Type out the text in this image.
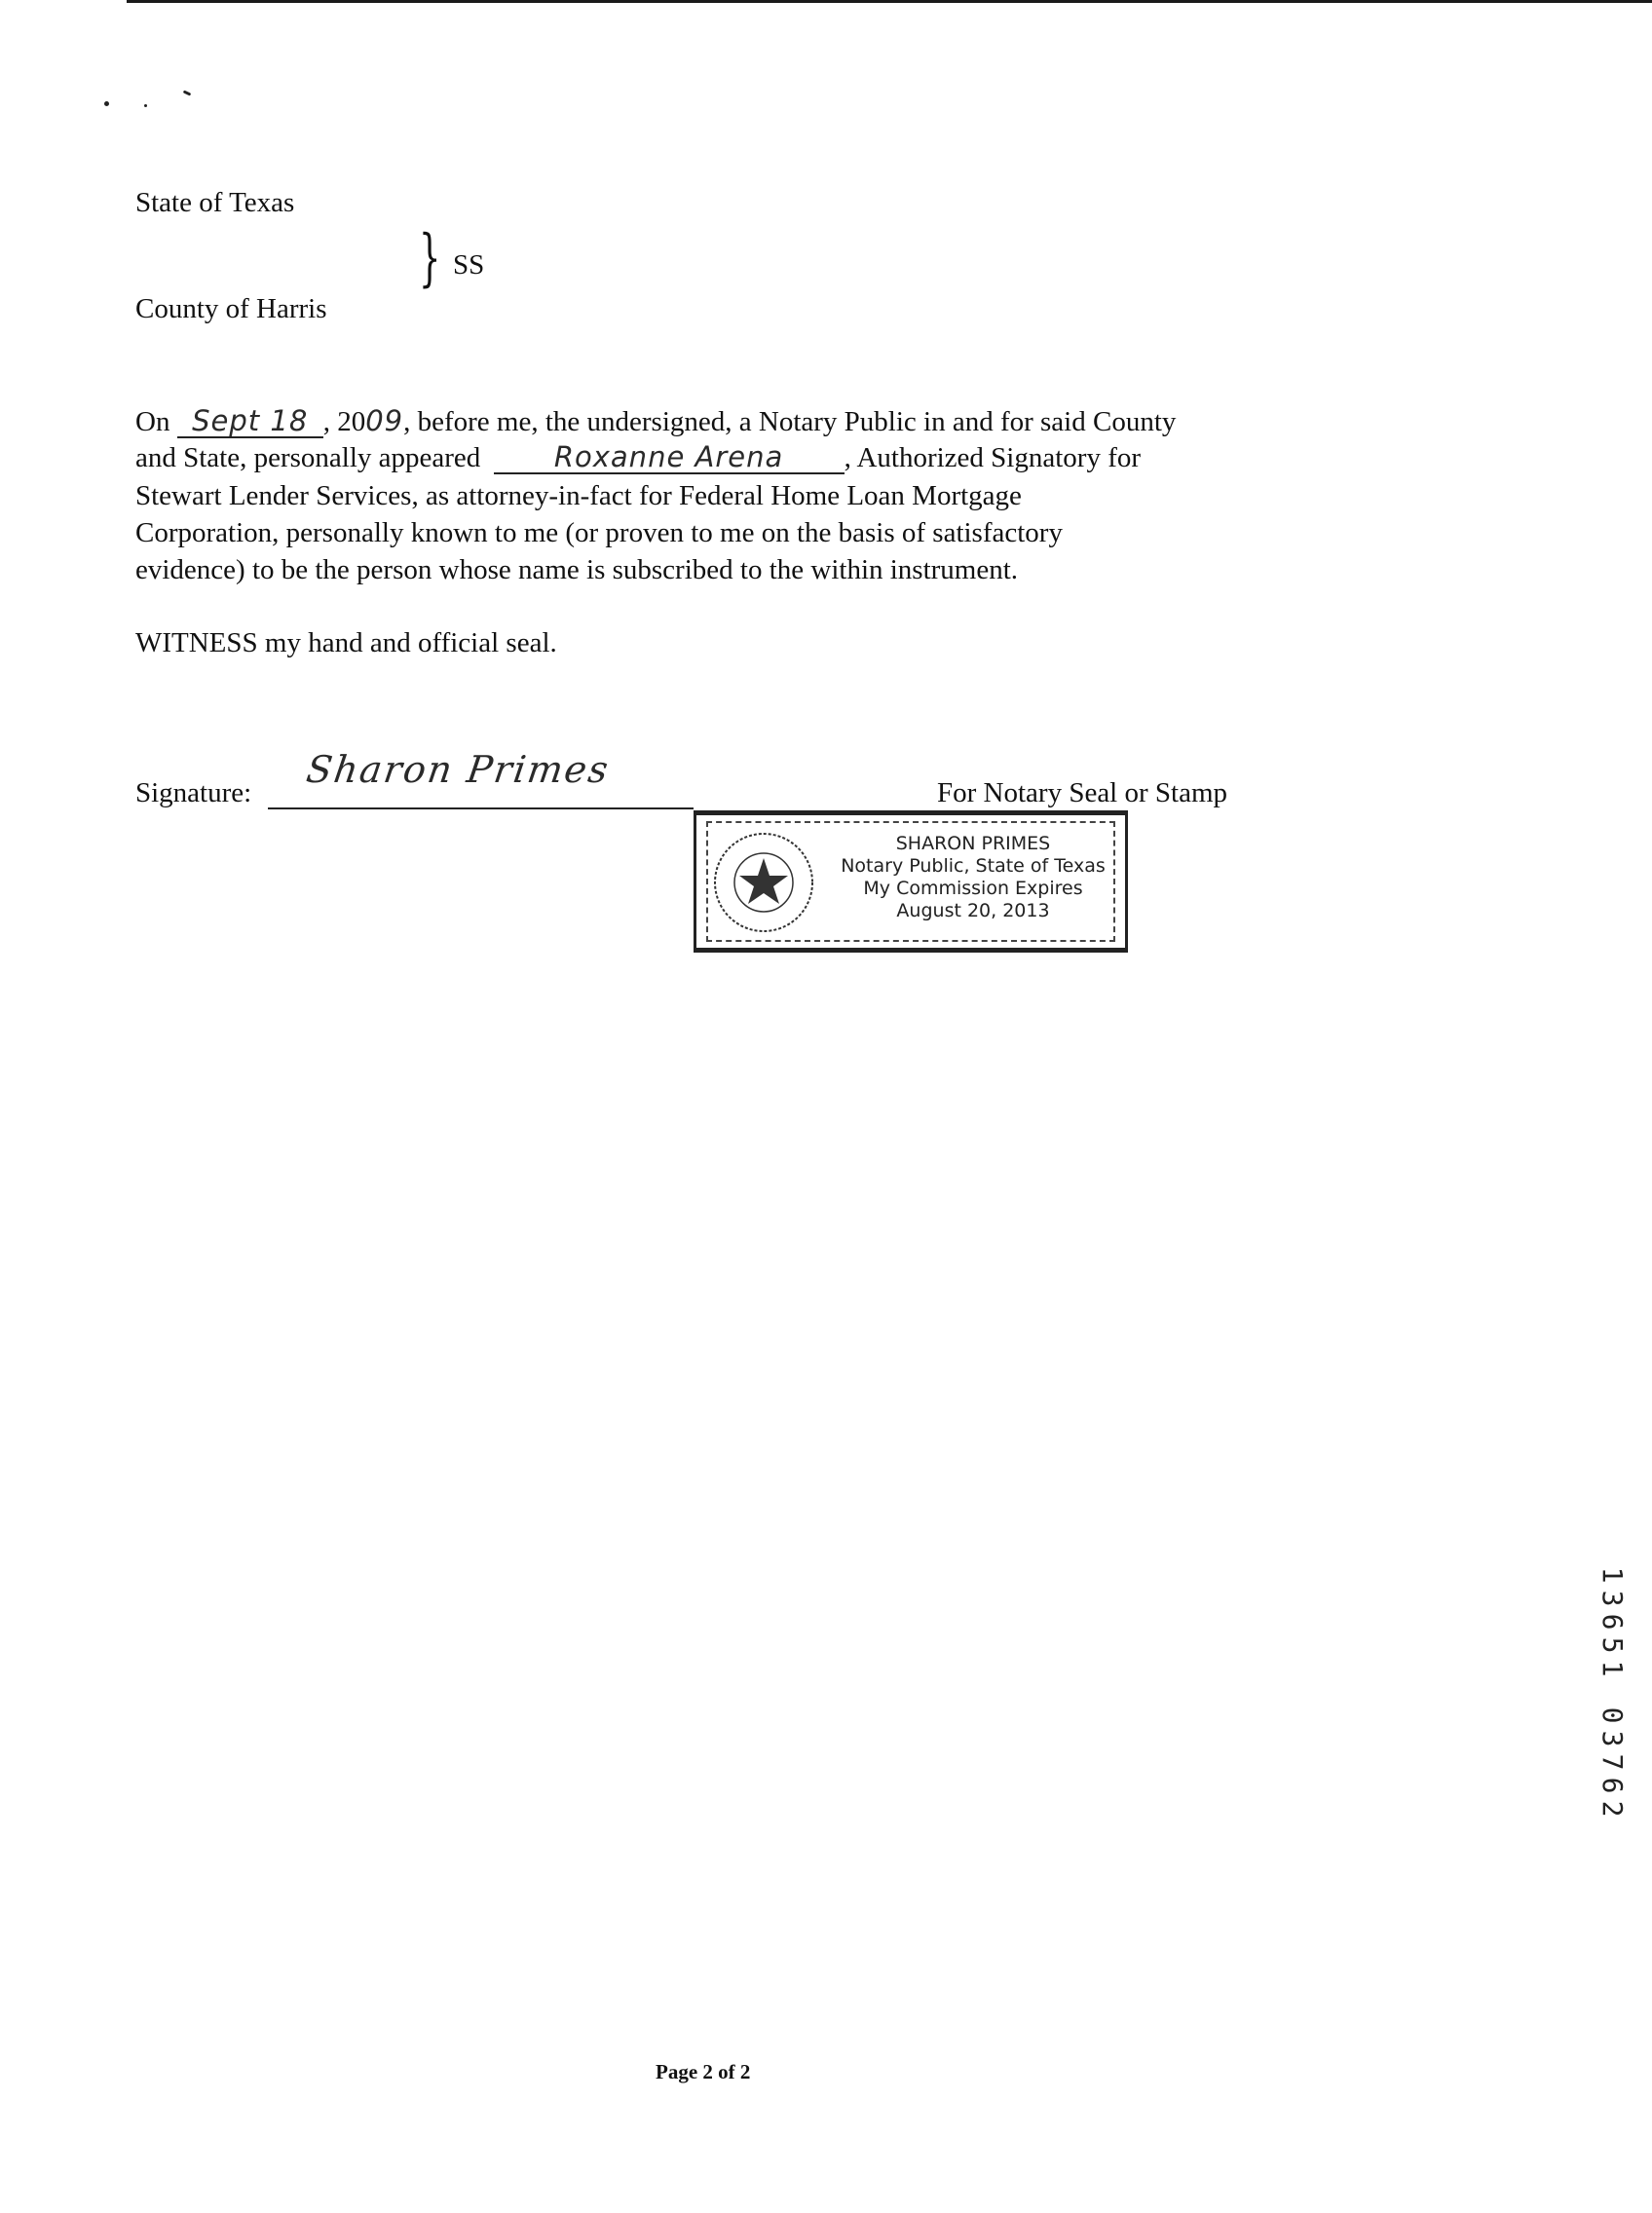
State of Texas
} SS
County of Harris
On Sept 18 , 2009, before me, the undersigned, a Notary Public in and for said County
and State, personally appeared	Roxanne Arena , Authorized Signatory for
Stewart Lender Services, as attorney-in-fact for Federal Home Loan Mortgage
Corporation, personally known to me (or proven to me on the basis of satisfactory
evidence) to be the person whose name is subscribed to the within instrument.
WITNESS my hand and official seal.
Signature:
Sharon Primes
For Notary Seal or Stamp
SHARON PRIMES
Notary Public, State of Texas
My Commission Expires
August 20, 2013
1
3
6
5
1
0
3
7
6
2
Page 2 of 2
